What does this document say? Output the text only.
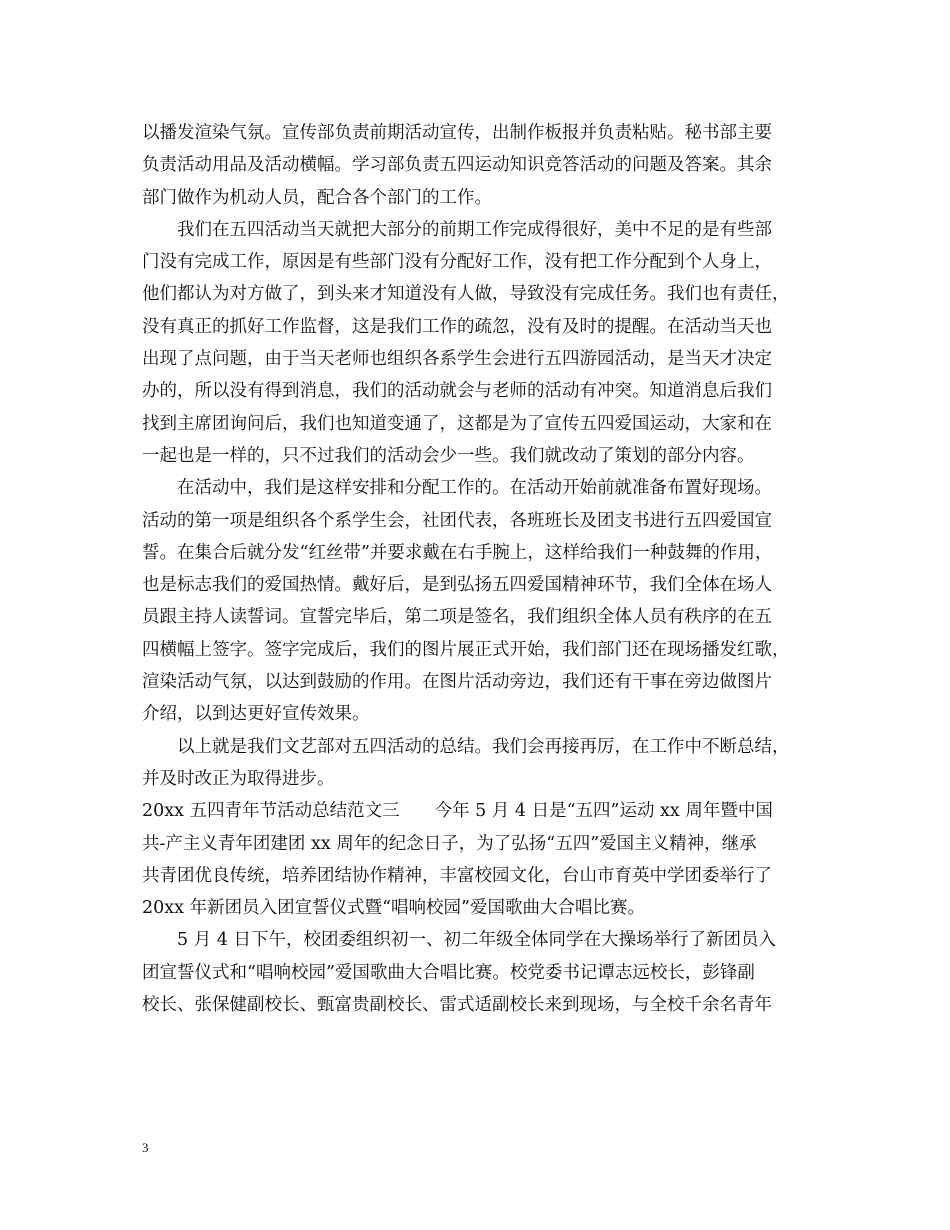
以播发渲染气氛。宣传部负责前期活动宣传，出制作板报并负责粘贴。秘书部主要
负责活动用品及活动横幅。学习部负责五四运动知识竞答活动的问题及答案。其余
部门做作为机动人员，配合各个部门的工作。
我们在五四活动当天就把大部分的前期工作完成得很好，美中不足的是有些部
门没有完成工作，原因是有些部门没有分配好工作，没有把工作分配到个人身上，
他们都认为对方做了，到头来才知道没有人做，导致没有完成任务。我们也有责任，
没有真正的抓好工作监督，这是我们工作的疏忽，没有及时的提醒。在活动当天也
出现了点问题，由于当天老师也组织各系学生会进行五四游园活动，是当天才决定
办的，所以没有得到消息，我们的活动就会与老师的活动有冲突。知道消息后我们
找到主席团询问后，我们也知道变通了，这都是为了宣传五四爱国运动，大家和在
一起也是一样的，只不过我们的活动会少一些。我们就改动了策划的部分内容。
在活动中，我们是这样安排和分配工作的。在活动开始前就准备布置好现场。
活动的第一项是组织各个系学生会，社团代表，各班班长及团支书进行五四爱国宣
誓。在集合后就分发“红丝带”并要求戴在右手腕上，这样给我们一种鼓舞的作用，
也是标志我们的爱国热情。戴好后，是到弘扬五四爱国精神环节，我们全体在场人
员跟主持人读誓词。宣誓完毕后，第二项是签名，我们组织全体人员有秩序的在五
四横幅上签字。签字完成后，我们的图片展正式开始，我们部门还在现场播发红歌，
渲染活动气氛，以达到鼓励的作用。在图片活动旁边，我们还有干事在旁边做图片
介绍，以到达更好宣传效果。
以上就是我们文艺部对五四活动的总结。我们会再接再厉，在工作中不断总结，
并及时改正为取得进步。
20xx 五四青年节活动总结范文三　　今年 5 月 4 日是“五四”运动 xx 周年暨中国
共-产主义青年团建团 xx 周年的纪念日子，为了弘扬“五四”爱国主义精神，继承
共青团优良传统，培养团结协作精神，丰富校园文化，台山市育英中学团委举行了
20xx 年新团员入团宣誓仪式暨“唱响校园”爱国歌曲大合唱比赛。
5 月 4 日下午，校团委组织初一、初二年级全体同学在大操场举行了新团员入
团宣誓仪式和“唱响校园”爱国歌曲大合唱比赛。校党委书记谭志远校长，彭锋副
校长、张保健副校长、甄富贵副校长、雷式适副校长来到现场，与全校千余名青年
3
